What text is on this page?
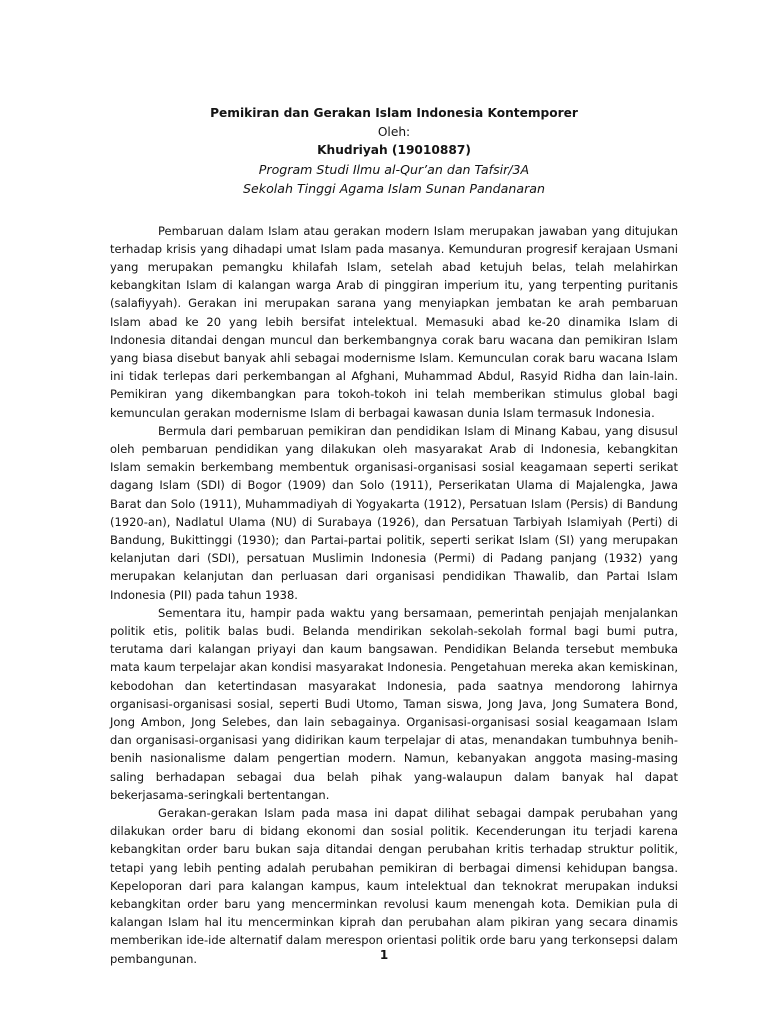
Pemikiran dan Gerakan Islam Indonesia Kontemporer
Oleh:
Khudriyah (19010887)
Program Studi Ilmu al-Qur’an dan Tafsir/3A
Sekolah Tinggi Agama Islam Sunan Pandanaran

Pembaruan dalam Islam atau gerakan modern Islam merupakan jawaban yang ditujukan terhadap krisis yang dihadapi umat Islam pada masanya. Kemunduran progresif kerajaan Usmani yang merupakan pemangku khilafah Islam, setelah abad ketujuh belas, telah melahirkan kebangkitan Islam di kalangan warga Arab di pinggiran imperium itu, yang terpenting puritanis (salafiyyah). Gerakan ini merupakan sarana yang menyiapkan jembatan ke arah pembaruan Islam abad ke 20 yang lebih bersifat intelektual. Memasuki abad ke-20 dinamika Islam di Indonesia ditandai dengan muncul dan berkembangnya corak baru wacana dan pemikiran Islam yang biasa disebut banyak ahli sebagai modernisme Islam. Kemunculan corak baru wacana Islam ini tidak terlepas dari perkembangan al Afghani, Muhammad Abdul, Rasyid Ridha dan lain-lain. Pemikiran yang dikembangkan para tokoh-tokoh ini telah memberikan stimulus global bagi kemunculan gerakan modernisme Islam di berbagai kawasan dunia Islam termasuk Indonesia.

Bermula dari pembaruan pemikiran dan pendidikan Islam di Minang Kabau, yang disusul oleh pembaruan pendidikan yang dilakukan oleh masyarakat Arab di Indonesia, kebangkitan Islam semakin berkembang membentuk organisasi-organisasi sosial keagamaan seperti serikat dagang Islam (SDI) di Bogor (1909) dan Solo (1911), Perserikatan Ulama di Majalengka, Jawa Barat dan Solo (1911), Muhammadiyah di Yogyakarta (1912), Persatuan Islam (Persis) di Bandung (1920-an), Nadlatul Ulama (NU) di Surabaya (1926), dan Persatuan Tarbiyah Islamiyah (Perti) di Bandung, Bukittinggi (1930); dan Partai-partai politik, seperti serikat Islam (SI) yang merupakan kelanjutan dari (SDI), persatuan Muslimin Indonesia (Permi) di Padang panjang (1932) yang merupakan kelanjutan dan perluasan dari organisasi pendidikan Thawalib, dan Partai Islam Indonesia (PII) pada tahun 1938.

Sementara itu, hampir pada waktu yang bersamaan, pemerintah penjajah menjalankan politik etis, politik balas budi. Belanda mendirikan sekolah-sekolah formal bagi bumi putra, terutama dari kalangan priyayi dan kaum bangsawan. Pendidikan Belanda tersebut membuka mata kaum terpelajar akan kondisi masyarakat Indonesia. Pengetahuan mereka akan kemiskinan, kebodohan dan ketertindasan masyarakat Indonesia, pada saatnya mendorong lahirnya organisasi-organisasi sosial, seperti Budi Utomo, Taman siswa, Jong Java, Jong Sumatera Bond, Jong Ambon, Jong Selebes, dan lain sebagainya. Organisasi-organisasi sosial keagamaan Islam dan organisasi-organisasi yang didirikan kaum terpelajar di atas, menandakan tumbuhnya benih-benih nasionalisme dalam pengertian modern. Namun, kebanyakan anggota masing-masing saling berhadapan sebagai dua belah pihak yang-walaupun dalam banyak hal dapat bekerjasama-seringkali bertentangan.

Gerakan-gerakan Islam pada masa ini dapat dilihat sebagai dampak perubahan yang dilakukan order baru di bidang ekonomi dan sosial politik. Kecenderungan itu terjadi karena kebangkitan order baru bukan saja ditandai dengan perubahan kritis terhadap struktur politik, tetapi yang lebih penting adalah perubahan pemikiran di berbagai dimensi kehidupan bangsa. Kepeloporan dari para kalangan kampus, kaum intelektual dan teknokrat merupakan induksi kebangkitan order baru yang mencerminkan revolusi kaum menengah kota. Demikian pula di kalangan Islam hal itu mencerminkan kiprah dan perubahan alam pikiran yang secara dinamis memberikan ide-ide alternatif dalam merespon orientasi politik orde baru yang terkonsepsi dalam pembangunan.	1
